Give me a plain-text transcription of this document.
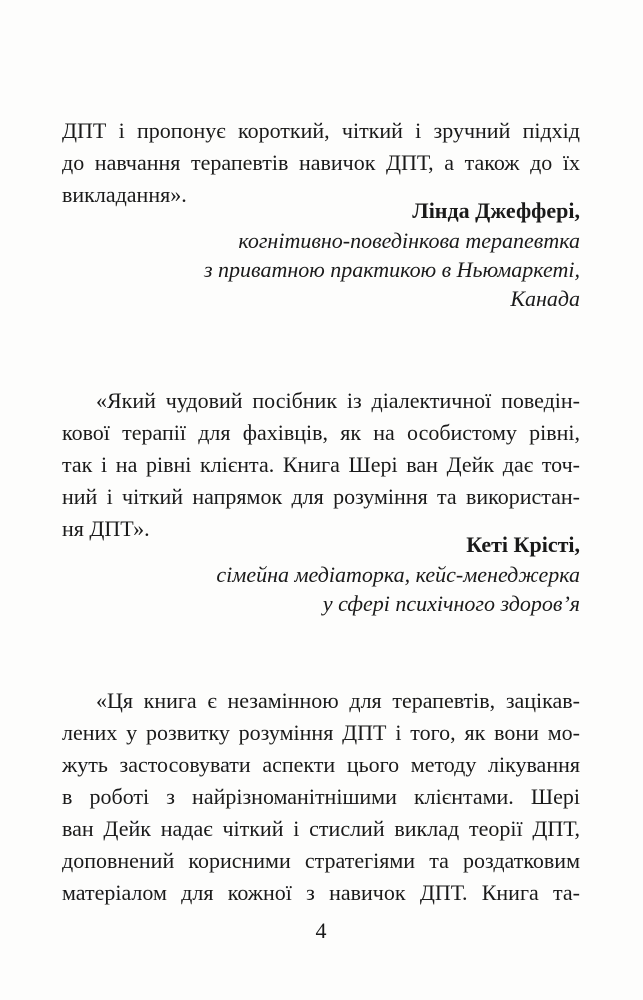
ДПТ і пропонує короткий, чіткий і зручний підхід

до навчання терапевтів навичок ДПТ, а також до їх

викладання».

Лінда Джеффері,

когнітивно-поведінкова терапевтка

з приватною практикою в Ньюмаркеті,

Канада

«Який чудовий посібник із діалектичної поведін-

кової терапії для фахівців, як на особистому рівні,

так і на рівні клієнта. Книга Шері ван Дейк дає точ-

ний і чіткий напрямок для розуміння та використан-

ня ДПТ».

Кеті Крісті,

сімейна медіаторка, кейс-менеджерка

у сфері психічного здоров’я

«Ця книга є незамінною для терапевтів, зацікав-

лених у розвитку розуміння ДПТ і того, як вони мо-

жуть застосовувати аспекти цього методу лікування

в роботі з найрізноманітнішими клієнтами. Шері

ван Дейк надає чіткий і стислий виклад теорії ДПТ,

доповнений корисними стратегіями та роздатковим

матеріалом для кожної з навичок ДПТ. Книга та-

4
